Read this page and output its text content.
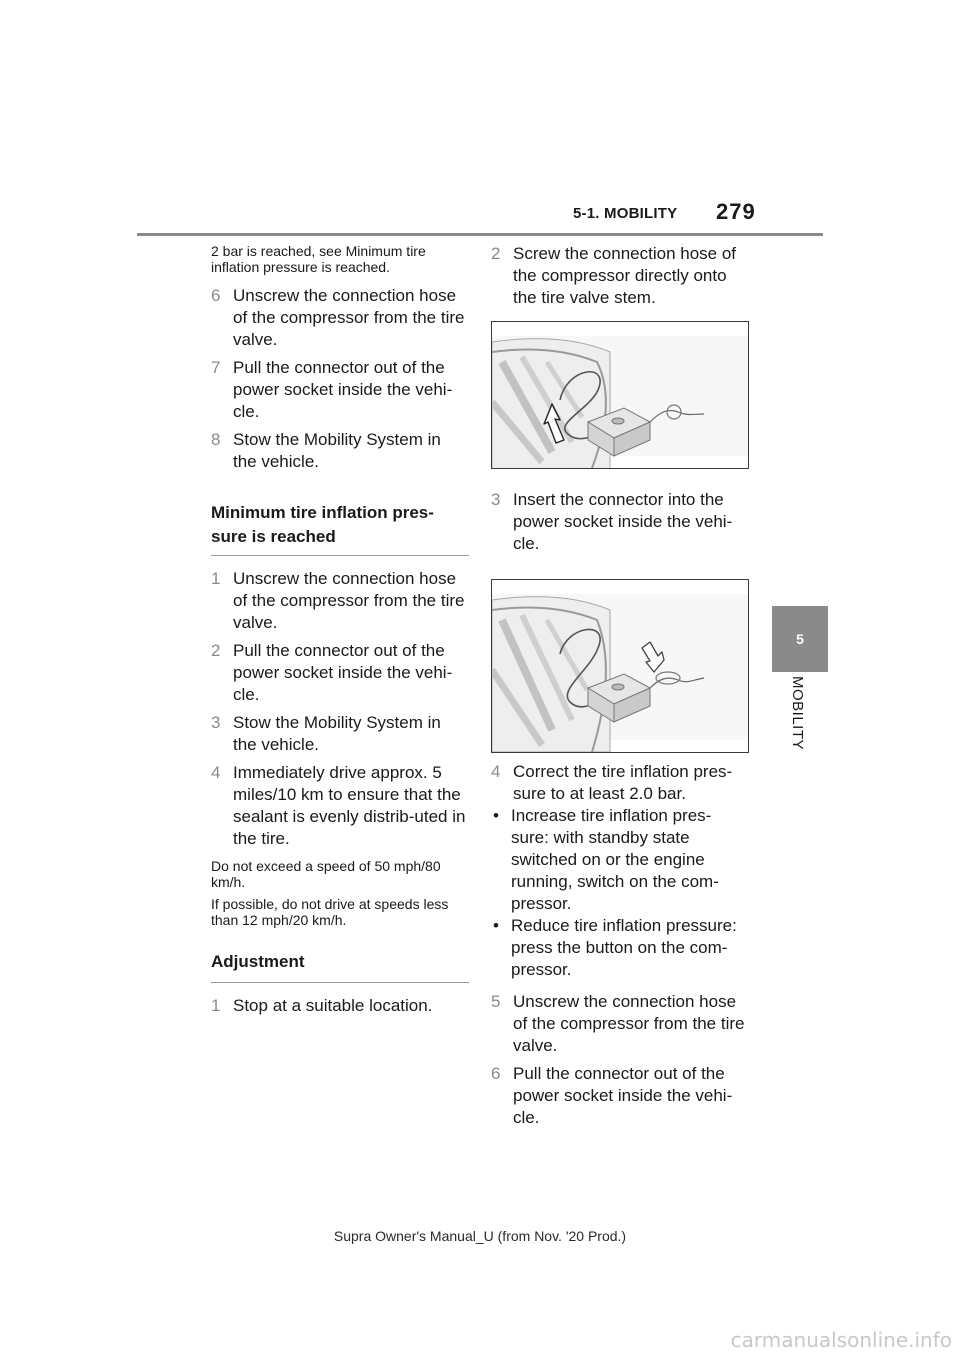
5-1. MOBILITY 279
5
MOBILITY
2 bar is reached, see Minimum tire inflation pressure is reached.
6 Unscrew the connection hose of the compressor from the tire valve.
7 Pull the connector out of the power socket inside the vehi-cle.
8 Stow the Mobility System in the vehicle.
Minimum tire inflation pres-sure is reached
1 Unscrew the connection hose of the compressor from the tire valve.
2 Pull the connector out of the power socket inside the vehi-cle.
3 Stow the Mobility System in the vehicle.
4 Immediately drive approx. 5 miles/10 km to ensure that the sealant is evenly distrib-uted in the tire.
Do not exceed a speed of 50 mph/80 km/h.
If possible, do not drive at speeds less than 12 mph/20 km/h.
Adjustment
1 Stop at a suitable location.
2 Screw the connection hose of the compressor directly onto the tire valve stem.
3 Insert the connector into the power socket inside the vehi-cle.
4 Correct the tire inflation pres-sure to at least 2.0 bar.
• Increase tire inflation pres-sure: with standby state switched on or the engine running, switch on the com-pressor.
• Reduce tire inflation pressure: press the button on the com-pressor.
5 Unscrew the connection hose of the compressor from the tire valve.
6 Pull the connector out of the power socket inside the vehi-cle.
Supra Owner's Manual_U (from Nov. '20 Prod.)
carmanualsonline.info
